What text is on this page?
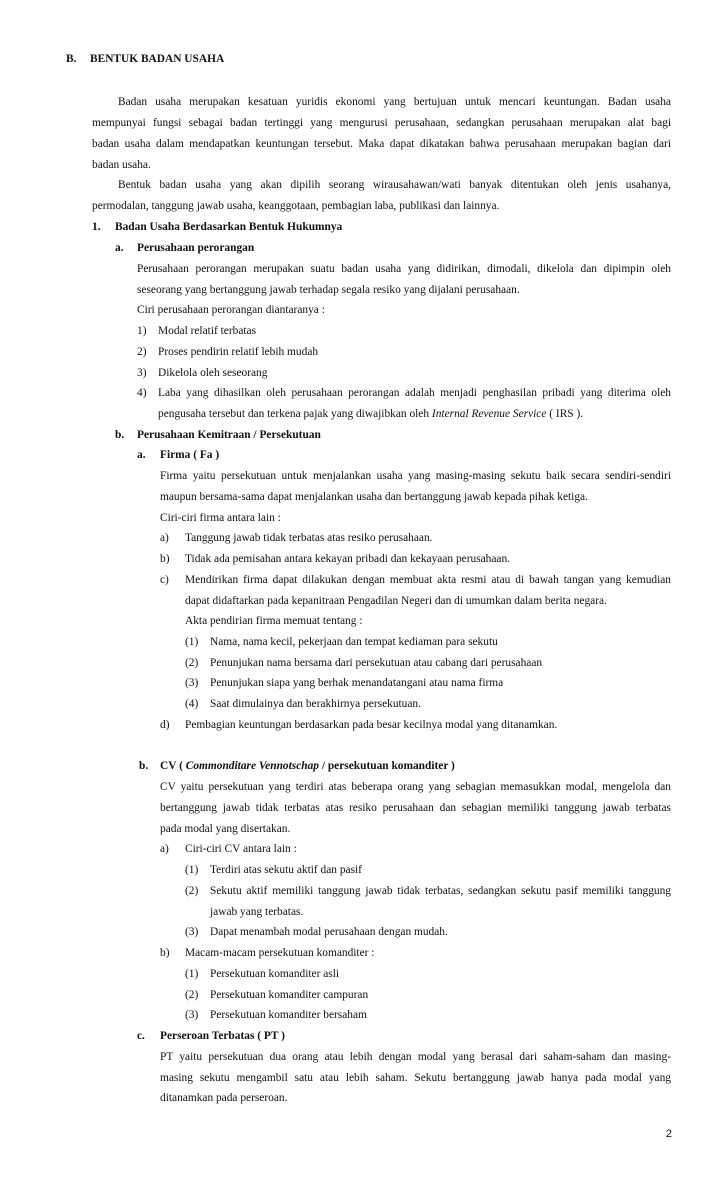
B. BENTUK BADAN USAHA
Badan usaha merupakan kesatuan yuridis ekonomi yang bertujuan untuk mencari keuntungan. Badan usaha
mempunyai fungsi sebagai badan tertinggi yang mengurusi perusahaan, sedangkan perusahaan merupakan alat bagi
badan usaha dalam mendapatkan keuntungan tersebut. Maka dapat dikatakan bahwa perusahaan merupakan bagian dari
badan usaha.
Bentuk badan usaha yang akan dipilih seorang wirausahawan/wati banyak ditentukan oleh jenis usahanya,
permodalan, tanggung jawab usaha, keanggotaan, pembagian laba, publikasi dan lainnya.
1. Badan Usaha Berdasarkan Bentuk Hukumnya
a. Perusahaan perorangan
Perusahaan perorangan merupakan suatu badan usaha yang didirikan, dimodali, dikelola dan dipimpin oleh
seseorang yang bertanggung jawab terhadap segala resiko yang dijalani perusahaan.
Ciri perusahaan perorangan diantaranya :
1) Modal relatif terbatas
2) Proses pendirin relatif lebih mudah
3) Dikelola oleh seseorang
4) Laba yang dihasilkan oleh perusahaan perorangan adalah menjadi penghasilan pribadi yang diterima oleh
pengusaha tersebut dan terkena pajak yang diwajibkan oleh Internal Revenue Service ( IRS ).
b. Perusahaan Kemitraan / Persekutuan
a. Firma ( Fa )
Firma yaitu persekutuan untuk menjalankan usaha yang masing-masing sekutu baik secara sendiri-sendiri
maupun bersama-sama dapat menjalankan usaha dan bertanggung jawab kepada pihak ketiga.
Ciri-ciri firma antara lain :
a) Tanggung jawab tidak terbatas atas resiko perusahaan.
b) Tidak ada pemisahan antara kekayan pribadi dan kekayaan perusahaan.
c) Mendirikan firma dapat dilakukan dengan membuat akta resmi atau di bawah tangan yang kemudian
dapat didaftarkan pada kepanitraan Pengadilan Negeri dan di umumkan dalam berita negara.
Akta pendirian firma memuat tentang :
(1) Nama, nama kecil, pekerjaan dan tempat kediaman para sekutu
(2) Penunjukan nama bersama dari persekutuan atau cabang dari perusahaan
(3) Penunjukan siapa yang berhak menandatangani atau nama firma
(4) Saat dimulainya dan berakhirnya persekutuan.
d) Pembagian keuntungan berdasarkan pada besar kecilnya modal yang ditanamkan.
b. CV ( Commonditare Vennotschap / persekutuan komanditer )
CV yaitu persekutuan yang terdiri atas beberapa orang yang sebagian memasukkan modal, mengelola dan
bertanggung jawab tidak terbatas atas resiko perusahaan dan sebagian memiliki tanggung jawab terbatas
pada modal yang disertakan.
a) Ciri-ciri CV antara lain :
(1) Terdiri atas sekutu aktif dan pasif
(2) Sekutu aktif memiliki tanggung jawab tidak terbatas, sedangkan sekutu pasif memiliki tanggung
jawab yang terbatas.
(3) Dapat menambah modal perusahaan dengan mudah.
b) Macam-macam persekutuan komanditer :
(1) Persekutuan komanditer asli
(2) Persekutuan komanditer campuran
(3) Persekutuan komanditer bersaham
c. Perseroan Terbatas ( PT )
PT yaitu persekutuan dua orang atau lebih dengan modal yang berasal dari saham-saham dan masing-
masing sekutu mengambil satu atau lebih saham. Sekutu bertanggung jawab hanya pada modal yang
ditanamkan pada perseroan.
2
